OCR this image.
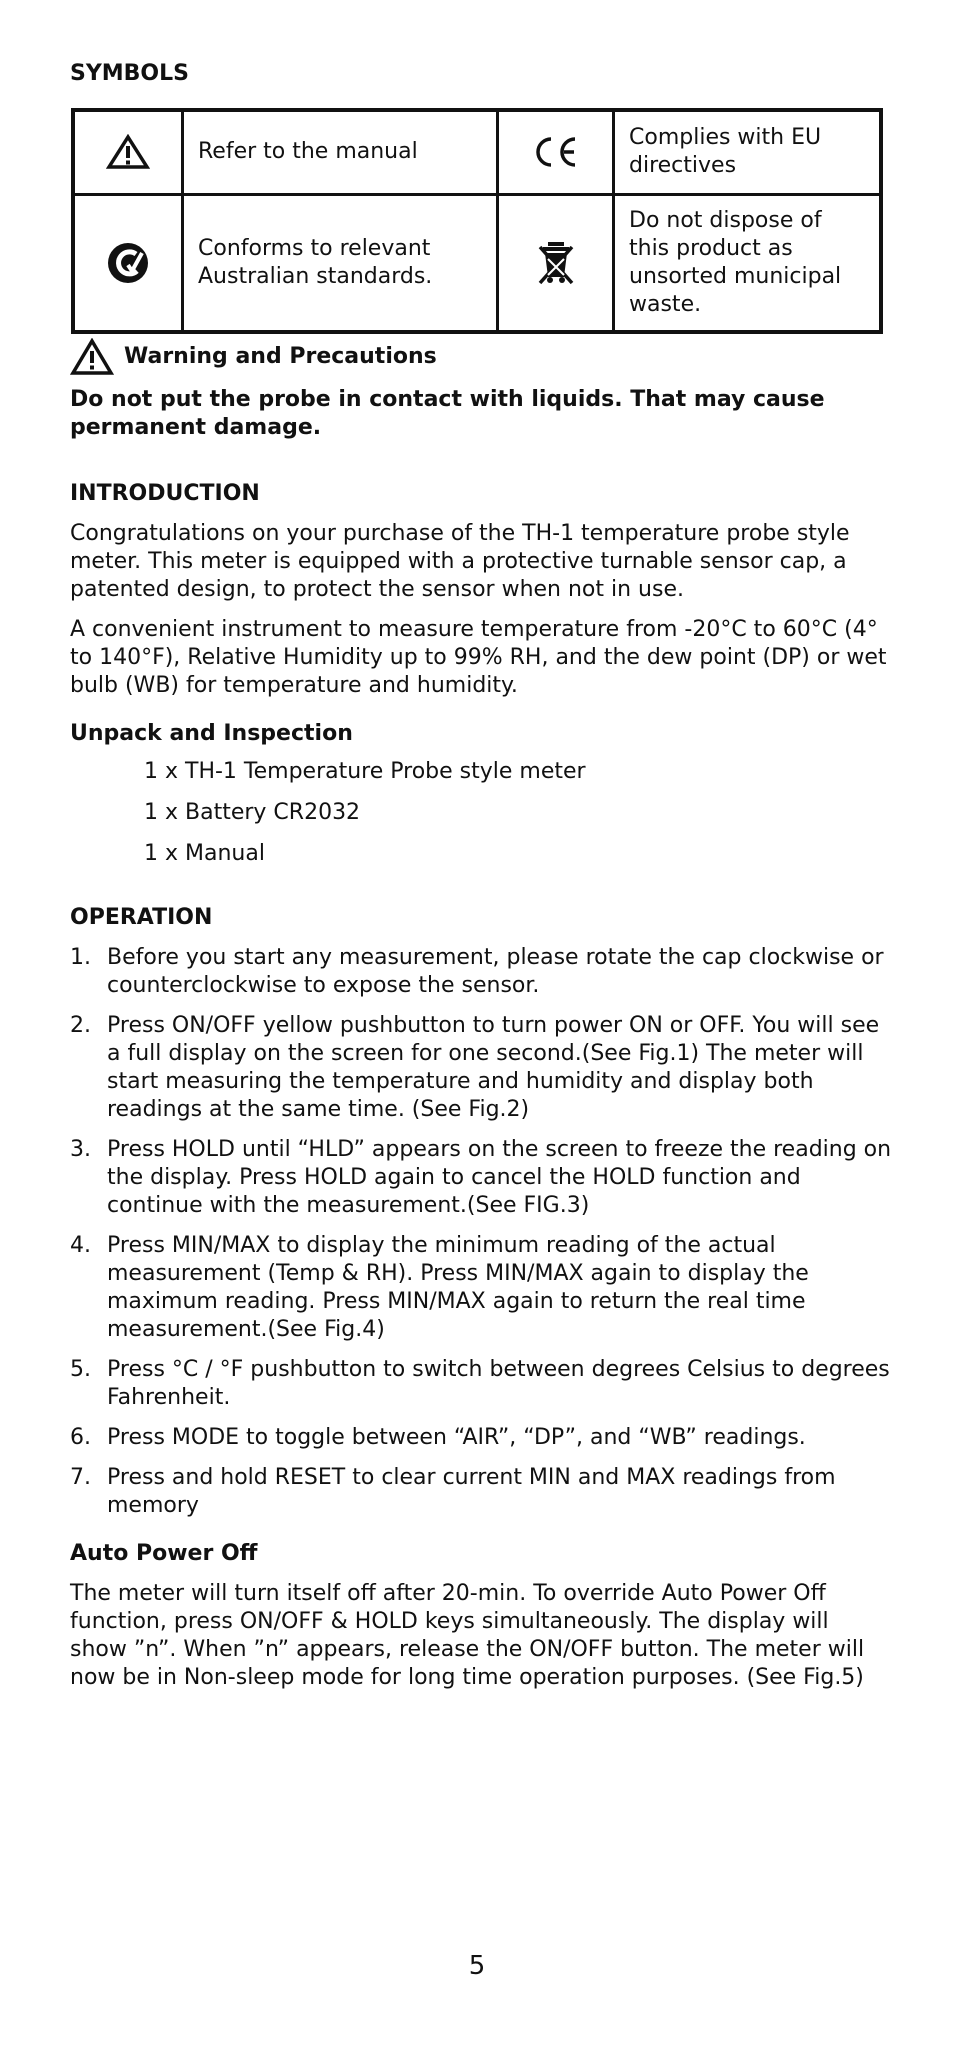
SYMBOLS
	Refer to the manual		Complies with EU directives

	Conforms to relevant Australian standards.		Do not dispose of this product as unsorted municipal waste.
Warning and Precautions

Do not put the probe in contact with liquids. That may cause permanent damage.

INTRODUCTION

Congratulations on your purchase of the TH-1 temperature probe style meter. This meter is equipped with a protective turnable sensor cap, a patented design, to protect the sensor when not in use.

A convenient instrument to measure temperature from -20°C to 60°C (4° to 140°F), Relative Humidity up to 99% RH, and the dew point (DP) or wet bulb (WB) for temperature and humidity.

Unpack and Inspection
1 x TH-1 Temperature Probe style meter
1 x Battery CR2032
1 x Manual
OPERATION
1. Before you start any measurement, please rotate the cap clockwise or counterclockwise to expose the sensor.
2. Press ON/OFF yellow pushbutton to turn power ON or OFF. You will see a full display on the screen for one second.(See Fig.1) The meter will start measuring the temperature and humidity and display both readings at the same time. (See Fig.2)
3. Press HOLD until “HLD” appears on the screen to freeze the reading on the display. Press HOLD again to cancel the HOLD function and continue with the measurement.(See FIG.3)
4. Press MIN/MAX to display the minimum reading of the actual measurement (Temp & RH). Press MIN/MAX again to display the maximum reading. Press MIN/MAX again to return the real time measurement.(See Fig.4)
5. Press °C / °F pushbutton to switch between degrees Celsius to degrees Fahrenheit.
6. Press MODE to toggle between “AIR”, “DP”, and “WB” readings.
7. Press and hold RESET to clear current MIN and MAX readings from memory
Auto Power Off

The meter will turn itself off after 20-min. To override Auto Power Off function, press ON/OFF & HOLD keys simultaneously. The display will show ”n”. When ”n” appears, release the ON/OFF button. The meter will now be in Non-sleep mode for long time operation purposes. (See Fig.5)

5
